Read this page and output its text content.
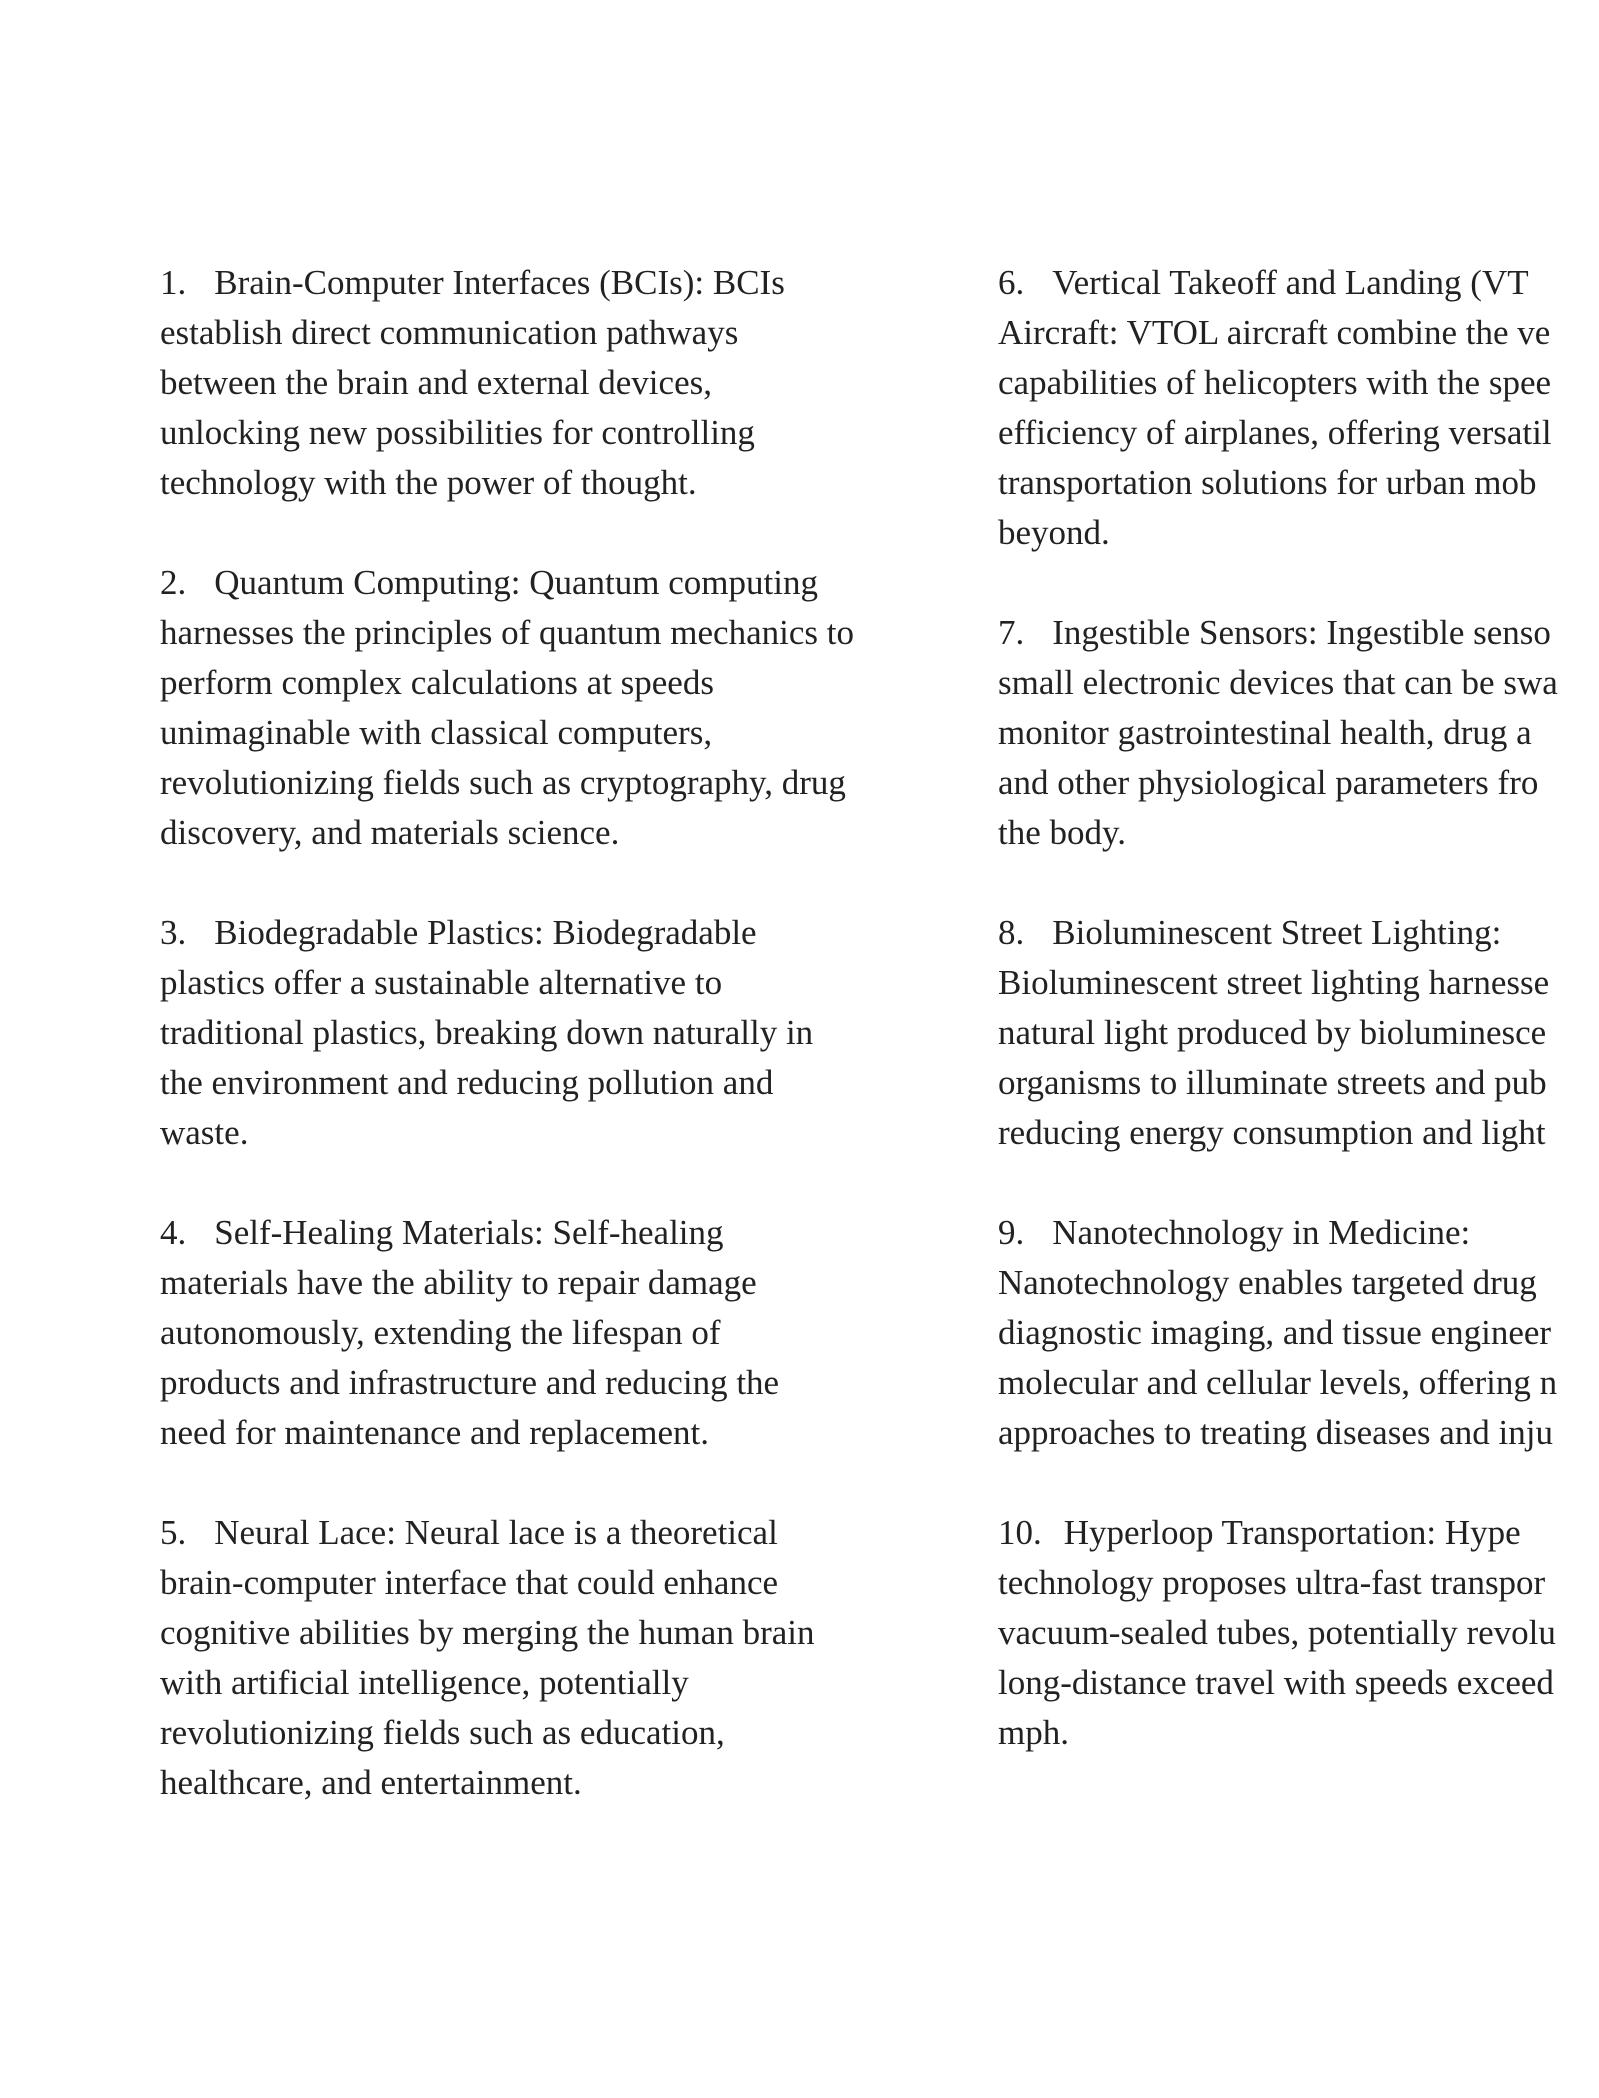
1. Brain-Computer Interfaces (BCIs): BCIs
establish direct communication pathways
between the brain and external devices,
unlocking new possibilities for controlling
technology with the power of thought.
2. Quantum Computing: Quantum computing
harnesses the principles of quantum mechanics to
perform complex calculations at speeds
unimaginable with classical computers,
revolutionizing fields such as cryptography, drug
discovery, and materials science.
3. Biodegradable Plastics: Biodegradable
plastics offer a sustainable alternative to
traditional plastics, breaking down naturally in
the environment and reducing pollution and
waste.
4. Self-Healing Materials: Self-healing
materials have the ability to repair damage
autonomously, extending the lifespan of
products and infrastructure and reducing the
need for maintenance and replacement.
5. Neural Lace: Neural lace is a theoretical
brain-computer interface that could enhance
cognitive abilities by merging the human brain
with artificial intelligence, potentially
revolutionizing fields such as education,
healthcare, and entertainment.
6. Vertical Takeoff and Landing (VT
Aircraft: VTOL aircraft combine the ve
capabilities of helicopters with the spee
efficiency of airplanes, offering versatil
transportation solutions for urban mob
beyond.
7. Ingestible Sensors: Ingestible senso
small electronic devices that can be swa
monitor gastrointestinal health, drug a
and other physiological parameters fro
the body.
8. Bioluminescent Street Lighting:
Bioluminescent street lighting harnesse
natural light produced by bioluminesce
organisms to illuminate streets and pub
reducing energy consumption and light
9. Nanotechnology in Medicine:
Nanotechnology enables targeted drug
diagnostic imaging, and tissue engineer
molecular and cellular levels, offering n
approaches to treating diseases and inju
10. Hyperloop Transportation: Hype
technology proposes ultra-fast transpor
vacuum-sealed tubes, potentially revolu
long-distance travel with speeds exceed
mph.
